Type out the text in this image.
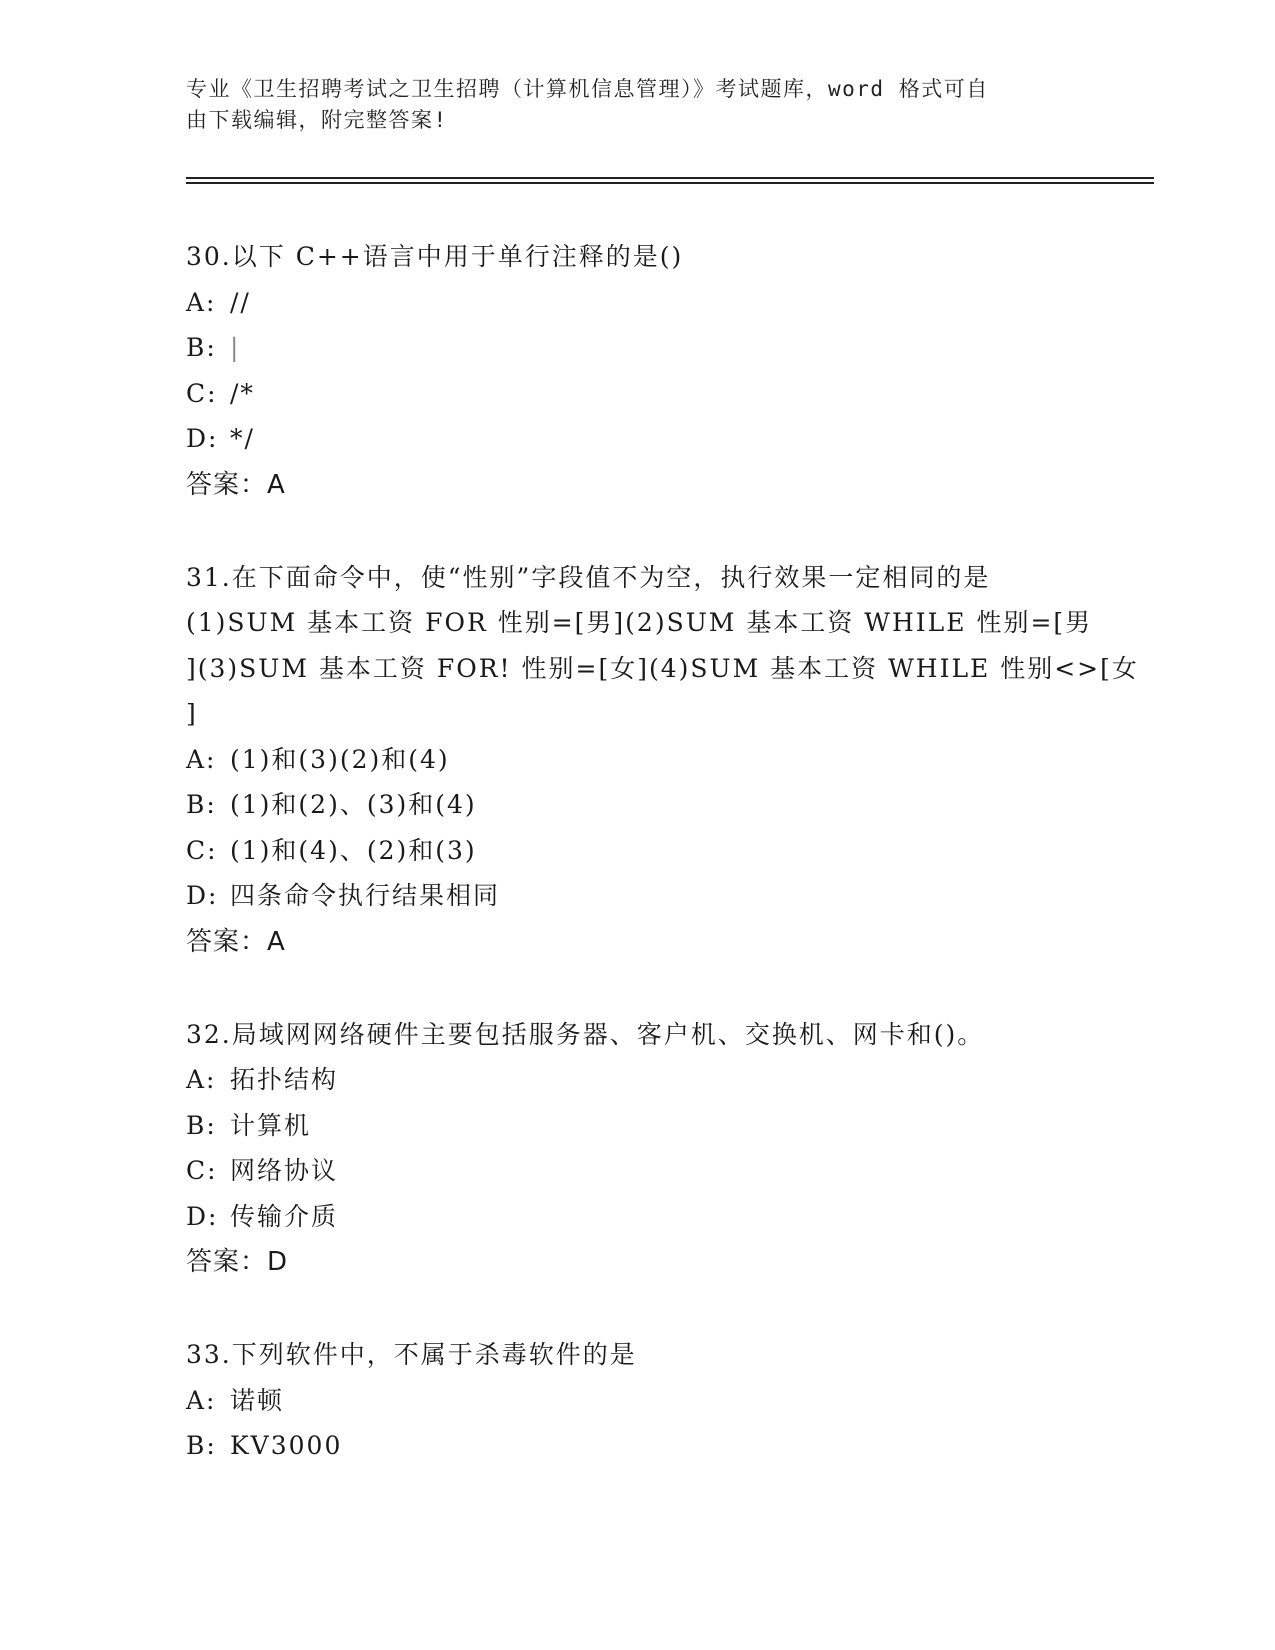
专业《卫生招聘考试之卫生招聘（计算机信息管理）》考试题库，word 格式可自
由下载编辑，附完整答案!
30.以下 C++语言中用于单行注释的是()
A: //
B: |
C: /*
D: */
答案：A
31.在下面命令中，使“性别”字段值不为空，执行效果一定相同的是
(1)SUM 基本工资 FOR 性别=[男](2)SUM 基本工资 WHILE 性别=[男
](3)SUM 基本工资 FOR! 性别=[女](4)SUM 基本工资 WHILE 性别<>[女
]
A: (1)和(3)(2)和(4)
B: (1)和(2)、(3)和(4)
C: (1)和(4)、(2)和(3)
D: 四条命令执行结果相同
答案：A
32.局域网网络硬件主要包括服务器、客户机、交换机、网卡和()。
A: 拓扑结构
B: 计算机
C: 网络协议
D: 传输介质
答案：D
33.下列软件中，不属于杀毒软件的是
A: 诺顿
B: KV3000
